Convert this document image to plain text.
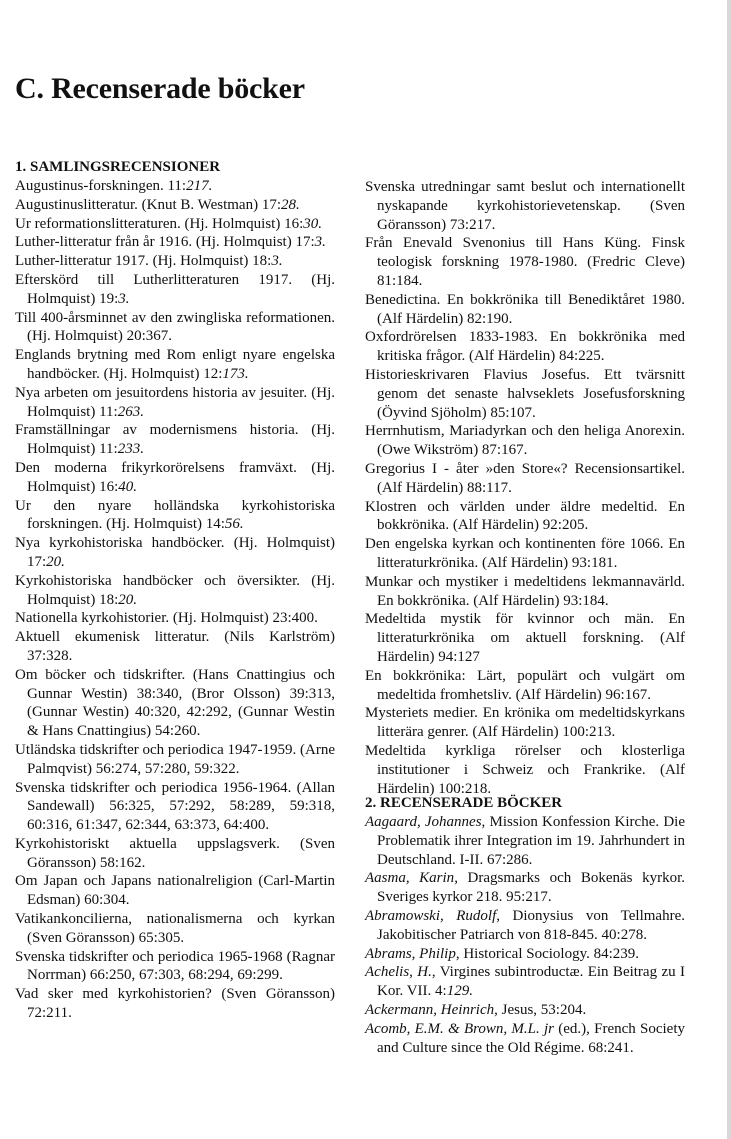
C. Recenserade böcker
1. SAMLINGSRECENSIONER
Augustinus-forskningen. 11:217.
Augustinuslitteratur. (Knut B. Westman) 17:28.
Ur reformationslitteraturen. (Hj. Holmquist) 16:30.
Luther-litteratur från år 1916. (Hj. Holmquist) 17:3.
Luther-litteratur 1917. (Hj. Holmquist) 18:3.
Efterskörd till Lutherlitteraturen 1917. (Hj. Holmquist) 19:3.
Till 400-årsminnet av den zwingliska reformationen. (Hj. Holmquist) 20:367.
Englands brytning med Rom enligt nyare engelska handböcker. (Hj. Holmquist) 12:173.
Nya arbeten om jesuitordens historia av jesuiter. (Hj. Holmquist) 11:263.
Framställningar av modernismens historia. (Hj. Holmquist) 11:233.
Den moderna frikyrkorörelsens framväxt. (Hj. Holmquist) 16:40.
Ur den nyare holländska kyrkohistoriska forskningen. (Hj. Holmquist) 14:56.
Nya kyrkohistoriska handböcker. (Hj. Holmquist) 17:20.
Kyrkohistoriska handböcker och översikter. (Hj. Holmquist) 18:20.
Nationella kyrkohistorier. (Hj. Holmquist) 23:400.
Aktuell ekumenisk litteratur. (Nils Karlström) 37:328.
Om böcker och tidskrifter. (Hans Cnattingius och Gunnar Westin) 38:340, (Bror Olsson) 39:313, (Gunnar Westin) 40:320, 42:292, (Gunnar Westin & Hans Cnattingius) 54:260.
Utländska tidskrifter och periodica 1947-1959. (Arne Palmqvist) 56:274, 57:280, 59:322.
Svenska tidskrifter och periodica 1956-1964. (Allan Sandewall) 56:325, 57:292, 58:289, 59:318, 60:316, 61:347, 62:344, 63:373, 64:400.
Kyrkohistoriskt aktuella uppslagsverk. (Sven Göransson) 58:162.
Om Japan och Japans nationalreligion (Carl-Martin Edsman) 60:304.
Vatikankoncilierna, nationalismerna och kyrkan (Sven Göransson) 65:305.
Svenska tidskrifter och periodica 1965-1968 (Ragnar Norrman) 66:250, 67:303, 68:294, 69:299.
Vad sker med kyrkohistorien? (Sven Göransson) 72:211.
Svenska utredningar samt beslut och internationellt nyskapande kyrkohistorievetenskap. (Sven Göransson) 73:217.
Från Enevald Svenonius till Hans Küng. Finsk teologisk forskning 1978-1980. (Fredric Cleve) 81:184.
Benedictina. En bokkrönika till Benediktåret 1980. (Alf Härdelin) 82:190.
Oxfordrörelsen 1833-1983. En bokkrönika med kritiska frågor. (Alf Härdelin) 84:225.
Historieskrivaren Flavius Josefus. Ett tvärsnitt genom det senaste halvseklets Josefusforskning (Öyvind Sjöholm) 85:107.
Herrnhutism, Mariadyrkan och den heliga Anorexin. (Owe Wikström) 87:167.
Gregorius I - åter »den Store«? Recensionsartikel. (Alf Härdelin) 88:117.
Klostren och världen under äldre medeltid. En bokkrönika. (Alf Härdelin) 92:205.
Den engelska kyrkan och kontinenten före 1066. En litteraturkrönika. (Alf Härdelin) 93:181.
Munkar och mystiker i medeltidens lekmannavärld. En bokkrönika. (Alf Härdelin) 93:184.
Medeltida mystik för kvinnor och män. En litteraturkrönika om aktuell forskning. (Alf Härdelin) 94:127
En bokkrönika: Lärt, populärt och vulgärt om medeltida fromhetsliv. (Alf Härdelin) 96:167.
Mysteriets medier. En krönika om medeltidskyrkans litterära genrer. (Alf Härdelin) 100:213.
Medeltida kyrkliga rörelser och klosterliga institutioner i Schweiz och Frankrike. (Alf Härdelin) 100:218.
2. RECENSERADE BÖCKER
Aagaard, Johannes, Mission Konfession Kirche. Die Problematik ihrer Integration im 19. Jahrhundert in Deutschland. I-II. 67:286.
Aasma, Karin, Dragsmarks och Bokenäs kyrkor. Sveriges kyrkor 218. 95:217.
Abramowski, Rudolf, Dionysius von Tellmahre. Jakobitischer Patriarch von 818-845. 40:278.
Abrams, Philip, Historical Sociology. 84:239.
Achelis, H., Virgines subintroductæ. Ein Beitrag zu I Kor. VII. 4:129.
Ackermann, Heinrich, Jesus, 53:204.
Acomb, E.M. & Brown, M.L. jr (ed.), French Society and Culture since the Old Régime. 68:241.
